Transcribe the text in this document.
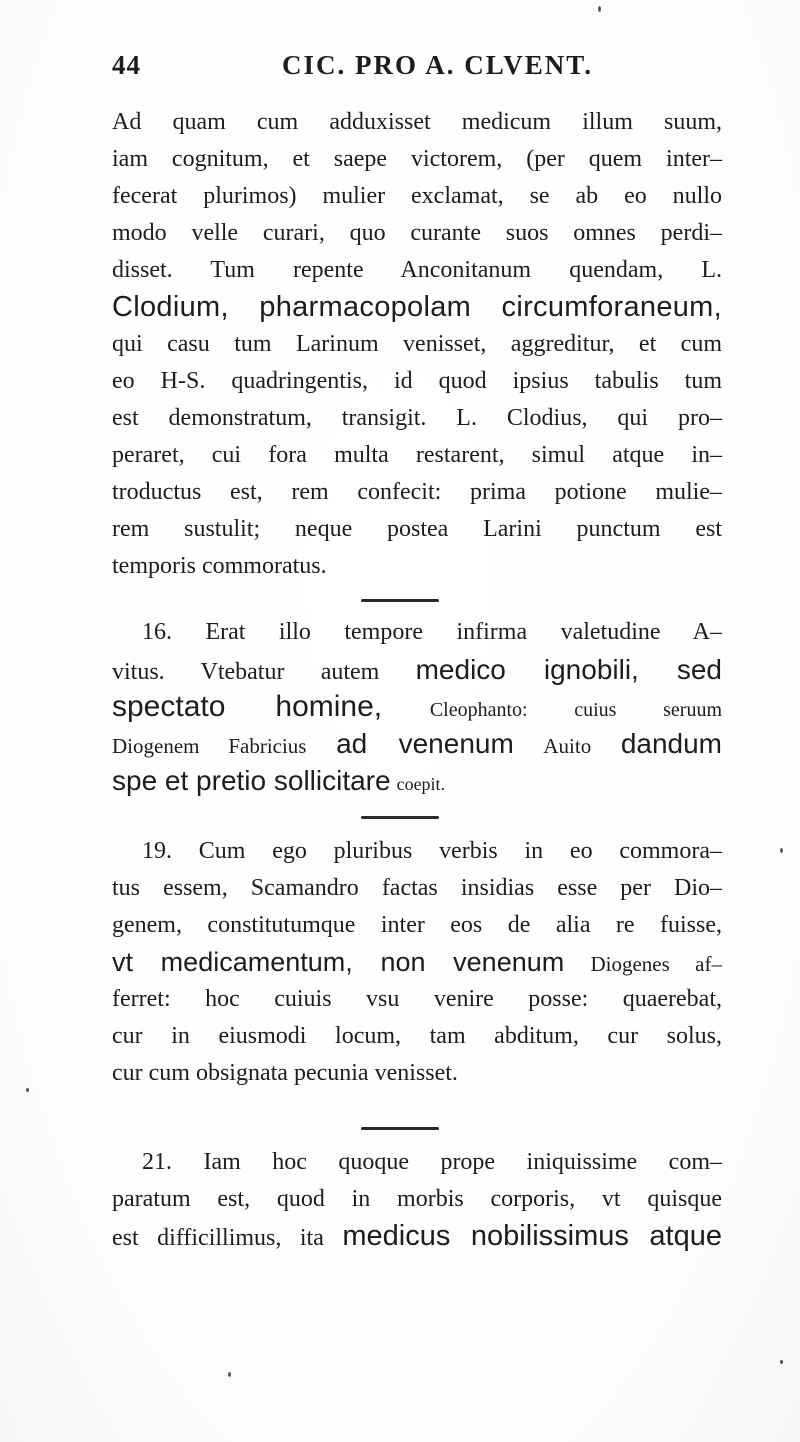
44	CIC. PRO A. CLVENT.
Ad quam cum adduxisset medicum illum suum,
iam cognitum, et saepe victorem, (per quem inter–
fecerat plurimos) mulier exclamat, se ab eo nullo
modo velle curari, quo curante suos omnes perdi–
disset. Tum repente Anconitanum quendam, L.
Clodium, pharmacopolam circumforaneum,
qui casu tum Larinum venisset, aggreditur, et cum
eo H-S. quadringentis, id quod ipsius tabulis tum
est demonstratum, transigit. L. Clodius, qui pro–
peraret, cui fora multa restarent, simul atque in–
troductus est, rem confecit: prima potione mulie–
rem sustulit; neque postea Larini punctum est
temporis commoratus.
16. Erat illo tempore infirma valetudine A–
vitus. Vtebatur autem medico ignobili, sed
spectato homine, Cleophanto: cuius seruum
Diogenem Fabricius ad venenum Auito dandum
spe et pretio sollicitare coepit.
19. Cum ego pluribus verbis in eo commora–
tus essem, Scamandro factas insidias esse per Dio–
genem, constitutumque inter eos de alia re fuisse,
vt medicamentum, non venenum Diogenes af–
ferret: hoc cuiuis vsu venire posse: quaerebat,
cur in eiusmodi locum, tam abditum, cur solus,
cur cum obsignata pecunia venisset.
21. Iam hoc quoque prope iniquissime com–
paratum est, quod in morbis corporis, vt quisque
est difficillimus, ita medicus nobilissimus atque
